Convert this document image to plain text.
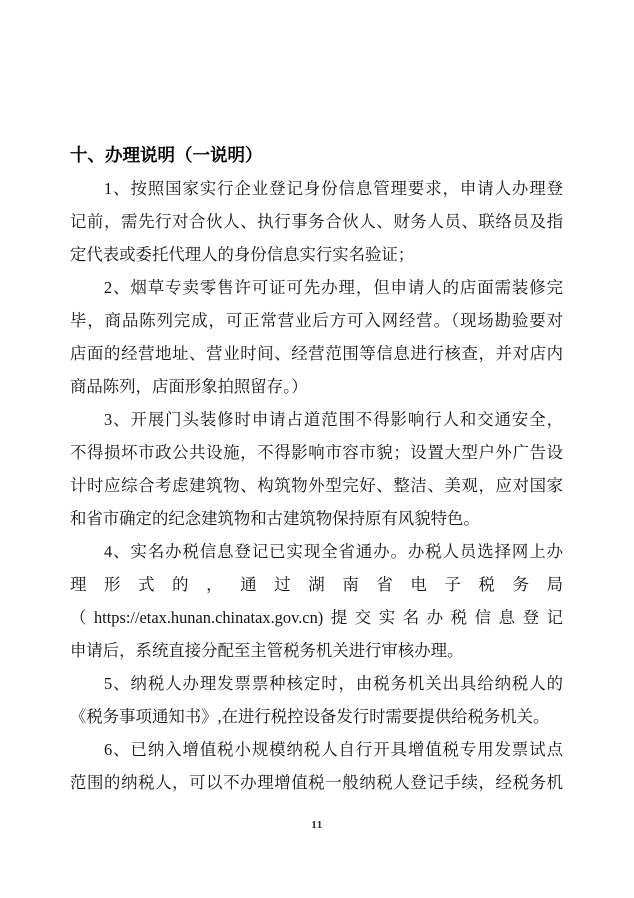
十、办理说明（一说明）
1、按照国家实行企业登记身份信息管理要求，申请人办理登
记前，需先行对合伙人、执行事务合伙人、财务人员、联络员及指
定代表或委托代理人的身份信息实行实名验证；
2、烟草专卖零售许可证可先办理，但申请人的店面需装修完
毕，商品陈列完成，可正常营业后方可入网经营。（现场勘验要对
店面的经营地址、营业时间、经营范围等信息进行核查，并对店内
商品陈列，店面形象拍照留存。）
3、开展门头装修时申请占道范围不得影响行人和交通安全，
不得损坏市政公共设施，不得影响市容市貌；设置大型户外广告设
计时应综合考虑建筑物、构筑物外型完好、整洁、美观，应对国家
和省市确定的纪念建筑物和古建筑物保持原有风貌特色。
4、实名办税信息登记已实现全省通办。办税人员选择网上办
理形式的，通过湖南省电子税务局
（https://etax.hunan.chinatax.gov.cn)提交实名办税信息登记
申请后，系统直接分配至主管税务机关进行审核办理。
5、纳税人办理发票票种核定时，由税务机关出具给纳税人的
《税务事项通知书》,在进行税控设备发行时需要提供给税务机关。
6、已纳入增值税小规模纳税人自行开具增值税专用发票试点
范围的纳税人，可以不办理增值税一般纳税人登记手续，经税务机
11
